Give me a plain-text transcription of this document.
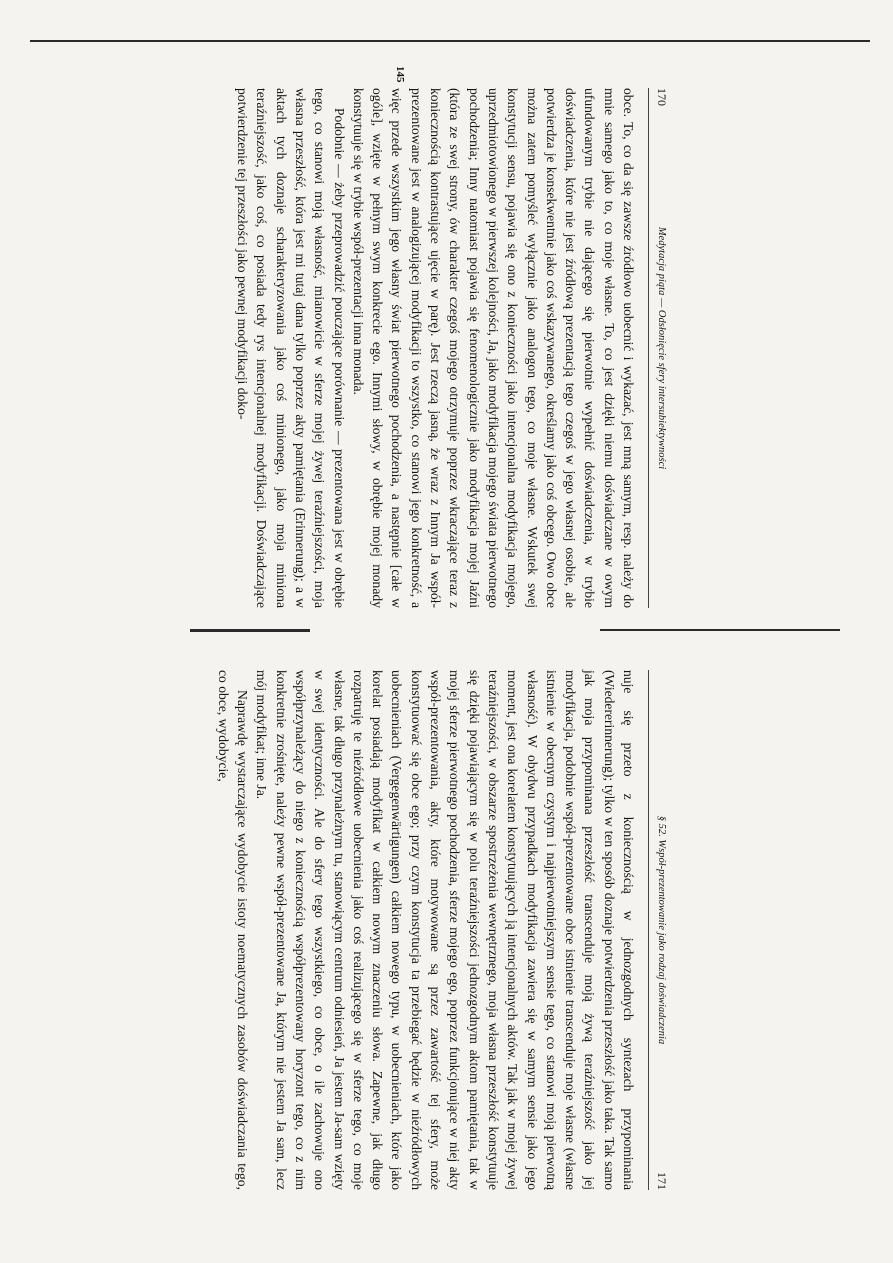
170
Medytacja piąta — Odsłonięcie sfery intersubiektywności
145

obce. To, co da się zawsze źródłowo uobecnić i wykazać, jest mną samym, resp. należy do mnie samego jako to, co moje własne. To, co jest dzięki niemu doświadczane w owym ufundowanym trybie nie dającego się pierwotnie wypełnić doświadczenia, w trybie doświadczenia, które nie jest źródłową prezentacją tego czegoś w jego własnej osobie, ale potwierdza je konsekwentnie jako coś wskazywanego, określamy jako coś obcego. Owo obce można zatem pomyśleć wyłącznie jako analogon tego, co moje własne. Wskutek swej konstytucji sensu, pojawia się ono z konieczności jako intencjonalna modyfikacja mojego, uprzedmiotowionego w pierwszej kolejności, Ja, jako modyfikacja mojego świata pierwotnego pochodzenia; Inny natomiast pojawia się fenomenologicznie jako modyfikacja mojej Jaźni (która ze swej strony, ów charakter czegoś mojego otrzymuje poprzez wkraczające teraz z koniecznością kontrastujące ujęcie w parę). Jest rzeczą jasną, że wraz z Innym Ja współ-prezentowane jest w analogizującej modyfikacji to wszystko, co stanowi jego konkretność, a więc przede wszystkim jego własny świat pierwotnego pochodzenia, a następnie [całe w ogóle], wzięte w pełnym swym konkrecie ego. Innymi słowy, w obrębie mojej monady konstytuuje się w trybie współ-prezentacji inna monada.

Podobnie — żeby przeprowadzić pouczające porównanie — prezentowana jest w obrębie tego, co stanowi moją własność, mianowicie w sferze mojej żywej teraźniejszości, moja własna przeszłość, która jest mi tutaj dana tylko poprzez akty pamiętania (Erinnerung); a w aktach tych doznaje scharakteryzowania jako coś minionego, jako moja miniona teraźniejszość, jako coś, co posiada tedy rys intencjonalnej modyfikacji. Doświadczające potwierdzenie tej przeszłości jako pewnej modyfikacji doko-

§ 52. Współ-prezentowanie jako rodzaj doświadczenia
171

nuje się przeto z koniecznością w jednozgodnych syntezach przypominania (Wiedererinnerung); tylko w ten sposób doznaje potwierdzenia przeszłość jako taka. Tak samo jak moja przypominana przeszłość transcenduje moją żywą teraźniejszość jako jej modyfikacja, podobnie współ-prezentowane obce istnienie transcenduje moje własne (własne istnienie w obecnym czystym i najpierwotniejszym sensie tego, co stanowi moją pierwotną własność). W obydwu przypadkach modyfikacja zawiera się w samym sensie jako jego moment, jest ona korelatem konstytuujących ją intencjonalnych aktów. Tak jak w mojej żywej teraźniejszości, w obszarze spostrzeżenia wewnętrznego, moja własna przeszłość konstytuuje się dzięki pojawiającym się w polu teraźniejszości jednozgodnym aktom pamiętania, tak w mojej sferze pierwotnego pochodzenia, sferze mojego ego, poprzez funkcjonujące w niej akty współ-prezentowania, akty, które motywowane są przez zawartość tej sfery, może konstytuować się obce ego; przy czym konstytucja ta przebiegać będzie w nieźródłowych uobecnieniach (Vergegenwärtigungen) całkiem nowego typu, w uobecnieniach, które jako korelat posiadają modyfikat w całkiem nowym znaczeniu słowa. Zapewne, jak długo rozpatruję te nieźródłowe uobecnienia jako coś realizującego się w sferze tego, co moje własne, tak długo przynależnym tu, stanowiącym centrum odniesień, Ja jestem Ja-sam wzięty w swej identyczności. Ale do sfery tego wszystkiego, co obce, o ile zachowuje ono współprzynależący do niego z koniecznością współprezentowany horyzont tego, co z nim konkretnie zrośnięte, należy pewne współ-prezentowane Ja, którym nie jestem Ja sam, lecz mój modyfikat; inne Ja.

Naprawdę wystarczające wydobycie istoty noematycznych zasobów doświadczania tego, co obce, wydobycie,
